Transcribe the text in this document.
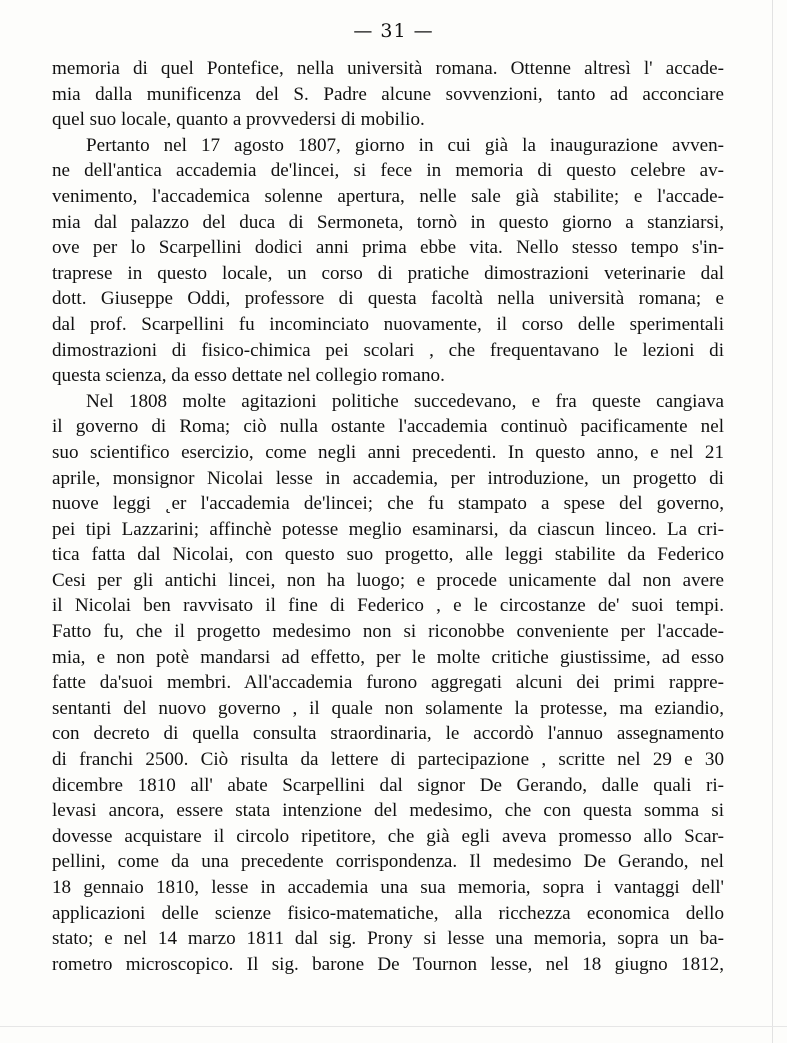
— 31 —
memoria di quel Pontefice, nella università romana. Ottenne altresì l' accade-
mia dalla munificenza del S. Padre alcune sovvenzioni, tanto ad acconciare
quel suo locale, quanto a provvedersi di mobilio.
Pertanto nel 17 agosto 1807, giorno in cui già la inaugurazione avven-
ne dell'antica accademia de'lincei, si fece in memoria di questo celebre av-
venimento, l'accademica solenne apertura, nelle sale già stabilite; e l'accade-
mia dal palazzo del duca di Sermoneta, tornò in questo giorno a stanziarsi,
ove per lo Scarpellini dodici anni prima ebbe vita. Nello stesso tempo s'in-
traprese in questo locale, un corso di pratiche dimostrazioni veterinarie dal
dott. Giuseppe Oddi, professore di questa facoltà nella università romana; e
dal prof. Scarpellini fu incominciato nuovamente, il corso delle sperimentali
dimostrazioni di fisico-chimica pei scolari , che frequentavano le lezioni di
questa scienza, da esso dettate nel collegio romano.
Nel 1808 molte agitazioni politiche succedevano, e fra queste cangiava
il governo di Roma; ciò nulla ostante l'accademia continuò pacificamente nel
suo scientifico esercizio, come negli anni precedenti. In questo anno, e nel 21
aprile, monsignor Nicolai lesse in accademia, per introduzione, un progetto di
nuove leggi ˛er l'accademia de'lincei; che fu stampato a spese del governo,
pei tipi Lazzarini; affinchè potesse meglio esaminarsi, da ciascun linceo. La cri-
tica fatta dal Nicolai, con questo suo progetto, alle leggi stabilite da Federico
Cesi per gli antichi lincei, non ha luogo; e procede unicamente dal non avere
il Nicolai ben ravvisato il fine di Federico , e le circostanze de' suoi tempi.
Fatto fu, che il progetto medesimo non si riconobbe conveniente per l'accade-
mia, e non potè mandarsi ad effetto, per le molte critiche giustissime, ad esso
fatte da'suoi membri. All'accademia furono aggregati alcuni dei primi rappre-
sentanti del nuovo governo , il quale non solamente la protesse, ma eziandio,
con decreto di quella consulta straordinaria, le accordò l'annuo assegnamento
di franchi 2500. Ciò risulta da lettere di partecipazione , scritte nel 29 e 30
dicembre 1810 all' abate Scarpellini dal signor De Gerando, dalle quali ri-
levasi ancora, essere stata intenzione del medesimo, che con questa somma si
dovesse acquistare il circolo ripetitore, che già egli aveva promesso allo Scar-
pellini, come da una precedente corrispondenza. Il medesimo De Gerando, nel
18 gennaio 1810, lesse in accademia una sua memoria, sopra i vantaggi dell'
applicazioni delle scienze fisico-matematiche, alla ricchezza economica dello
stato; e nel 14 marzo 1811 dal sig. Prony si lesse una memoria, sopra un ba-
rometro microscopico. Il sig. barone De Tournon lesse, nel 18 giugno 1812,
